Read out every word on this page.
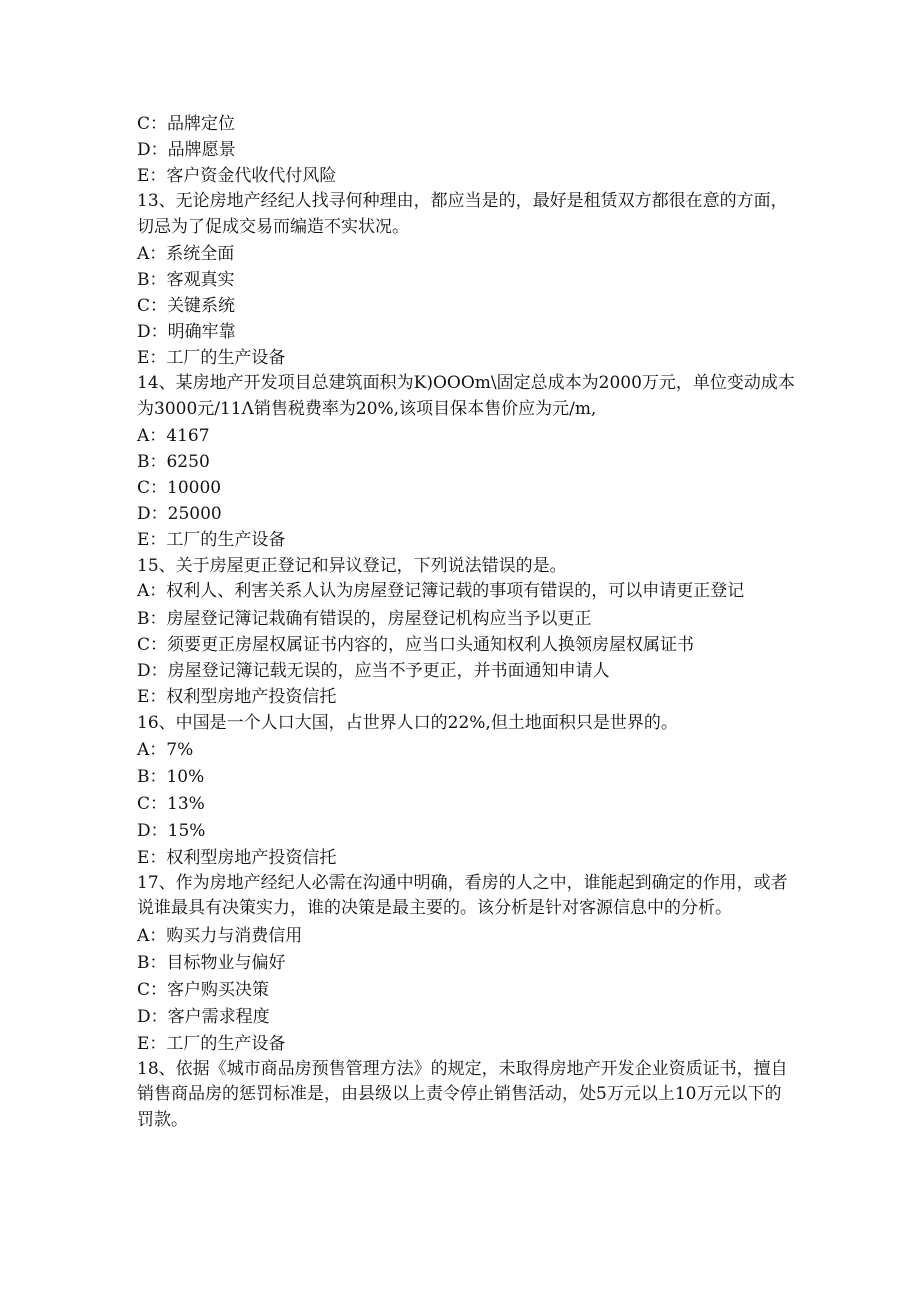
C：品牌定位

D：品牌愿景

E：客户资金代收代付风险

13、无论房地产经纪人找寻何种理由，都应当是的，最好是租赁双方都很在意的方面，切忌为了促成交易而编造不实状况。

A：系统全面

B：客观真实

C：关键系统

D：明确牢靠

E：工厂的生产设备

14、某房地产开发项目总建筑面积为K)OOOm\固定总成本为2000万元，单位变动成本为3000元/11Λ销售税费率为20%,该项目保本售价应为元∕m,

A：4167

B：6250

C：10000

D：25000

E：工厂的生产设备

15、关于房屋更正登记和异议登记，下列说法错误的是。

A：权利人、利害关系人认为房屋登记簿记载的事项有错误的，可以申请更正登记

B：房屋登记簿记栽确有错误的，房屋登记机构应当予以更正

C：须要更正房屋权属证书内容的，应当口头通知权利人换领房屋权属证书

D：房屋登记簿记载无误的，应当不予更正，并书面通知申请人

E：权利型房地产投资信托

16、中国是一个人口大国，占世界人口的22%,但土地面积只是世界的。

A：7%

B：10%

C：13%

D：15%

E：权利型房地产投资信托

17、作为房地产经纪人必需在沟通中明确，看房的人之中，谁能起到确定的作用，或者说谁最具有决策实力，谁的决策是最主要的。该分析是针对客源信息中的分析。

A：购买力与消费信用

B：目标物业与偏好

C：客户购买决策

D：客户需求程度

E：工厂的生产设备

18、依据《城市商品房预售管理方法》的规定，未取得房地产开发企业资质证书，擅自销售商品房的惩罚标准是，由县级以上责令停止销售活动，处5万元以上10万元以下的罚款。
